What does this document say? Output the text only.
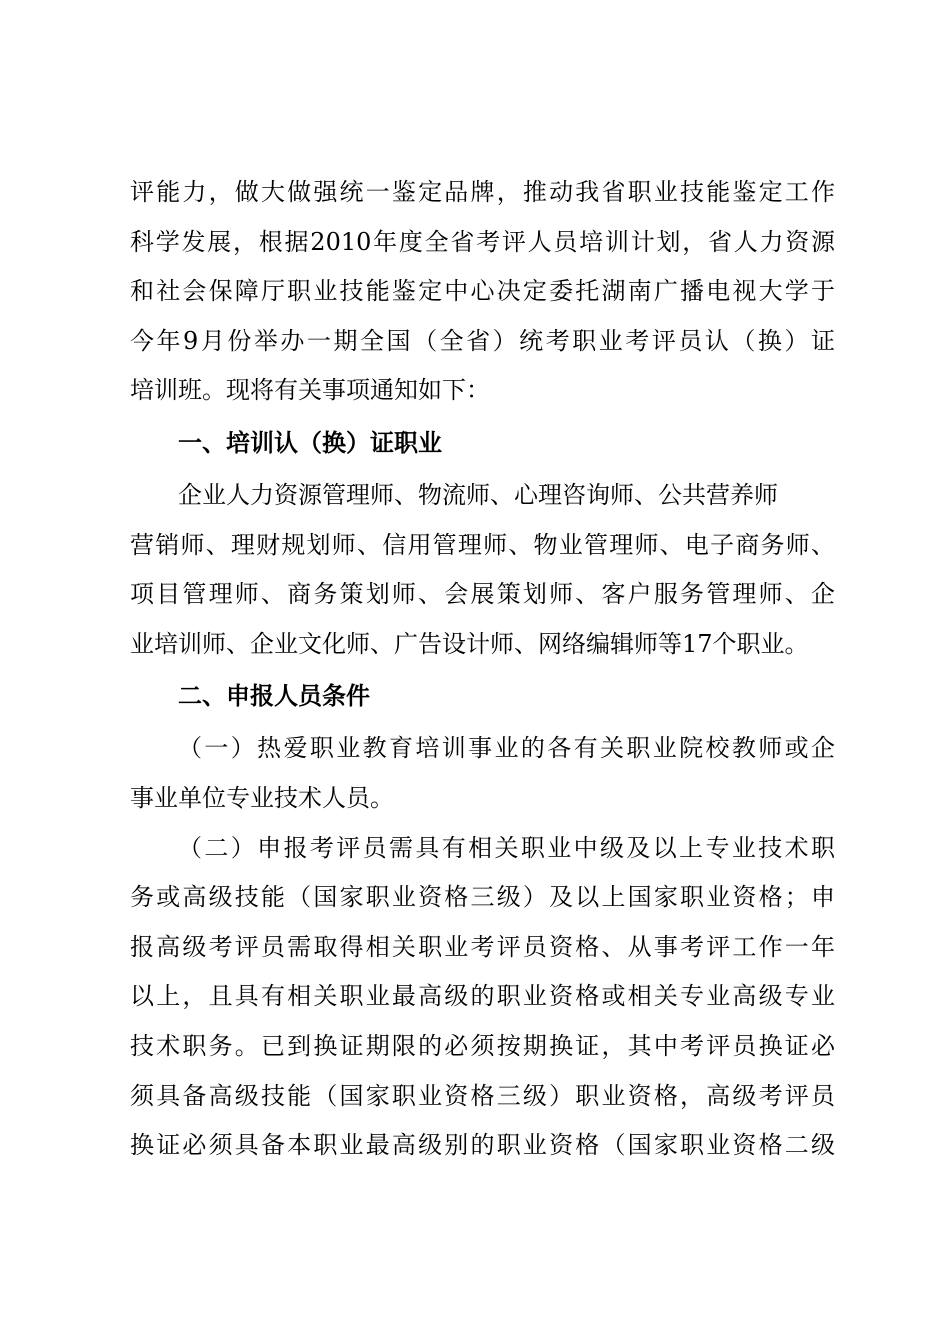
评能力，做大做强统一鉴定品牌，推动我省职业技能鉴定工作
科学发展，根据2010年度全省考评人员培训计划，省人力资源
和社会保障厅职业技能鉴定中心决定委托湖南广播电视大学于
今年9月份举办一期全国（全省）统考职业考评员认（换）证
培训班。现将有关事项通知如下：
一、培训认（换）证职业
企业人力资源管理师、物流师、心理咨询师、公共营养师
营销师、理财规划师、信用管理师、物业管理师、电子商务师、
项目管理师、商务策划师、会展策划师、客户服务管理师、企
业培训师、企业文化师、广告设计师、网络编辑师等17个职业。
二、申报人员条件
（一）热爱职业教育培训事业的各有关职业院校教师或企
事业单位专业技术人员。
（二）申报考评员需具有相关职业中级及以上专业技术职
务或高级技能（国家职业资格三级）及以上国家职业资格；申
报高级考评员需取得相关职业考评员资格、从事考评工作一年
以上，且具有相关职业最高级的职业资格或相关专业高级专业
技术职务。已到换证期限的必须按期换证，其中考评员换证必
须具备高级技能（国家职业资格三级）职业资格，高级考评员
换证必须具备本职业最高级别的职业资格（国家职业资格二级
